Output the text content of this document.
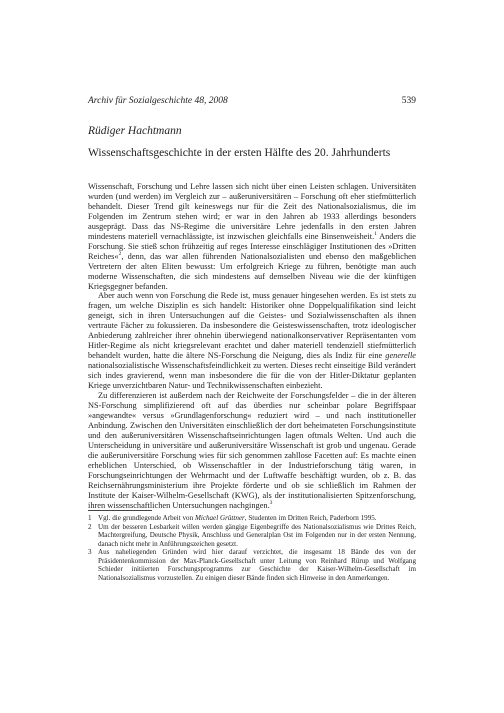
Archiv für Sozialgeschichte 48, 2008	539
Rüdiger Hachtmann
Wissenschaftsgeschichte in der ersten Hälfte des 20. Jahrhunderts

Wissenschaft, Forschung und Lehre lassen sich nicht über einen Leisten schlagen. Universitäten wurden (und werden) im Vergleich zur – außeruniversitären – Forschung oft eher stiefmütterlich behandelt. Dieser Trend gilt keineswegs nur für die Zeit des Nationalsozialismus, die im Folgenden im Zentrum stehen wird; er war in den Jahren ab 1933 allerdings besonders ausgeprägt. Dass das NS-Regime die universitäre Lehre jedenfalls in den ersten Jahren mindestens materiell vernachlässigte, ist inzwischen gleichfalls eine Binsenweisheit.$^1$ Anders die Forschung. Sie stieß schon frühzeitig auf reges Interesse einschlägiger Institutionen des »Dritten Reiches«$^2$, denn, das war allen führenden Nationalsozialisten und ebenso den maßgeblichen Vertretern der alten Eliten bewusst: Um erfolgreich Kriege zu führen, benötigte man auch moderne Wissenschaften, die sich mindestens auf demselben Niveau wie die der künftigen Kriegsgegner befanden.

Aber auch wenn von Forschung die Rede ist, muss genauer hingesehen werden. Es ist stets zu fragen, um welche Disziplin es sich handelt: Historiker ohne Doppelqualifikation sind leicht geneigt, sich in ihren Untersuchungen auf die Geistes- und Sozialwissenschaften als ihnen vertraute Fächer zu fokussieren. Da insbesondere die Geisteswissenschaften, trotz ideologischer Anbiederung zahlreicher ihrer ohnehin überwiegend nationalkonservativer Repräsentanten vom Hitler-Regime als nicht kriegsrelevant erachtet und daher materiell tendenziell stiefmütterlich behandelt wurden, hatte die ältere NS-Forschung die Neigung, dies als Indiz für eine generelle nationalsozialistische Wissenschaftsfeindlichkeit zu werten. Dieses recht einseitige Bild verändert sich indes gravierend, wenn man insbesondere die für die von der Hitler-Diktatur geplanten Kriege unverzichtbaren Natur- und Technikwissenschaften einbezieht.

Zu differenzieren ist außerdem nach der Reichweite der Forschungsfelder – die in der älteren NS-Forschung simplifizierend oft auf das überdies nur scheinbar polare Begriffspaar »angewandte« versus »Grundlagenforschung« reduziert wird – und nach institutioneller Anbindung. Zwischen den Universitäten einschließlich der dort beheimateten Forschungsinstitute und den außeruniversitären Wissenschaftseinrichtungen lagen oftmals Welten. Und auch die Unterscheidung in universitäre und außeruniversitäre Wissenschaft ist grob und ungenau. Gerade die außeruniversitäre Forschung wies für sich genommen zahllose Facetten auf: Es machte einen erheblichen Unterschied, ob Wissenschaftler in der Industrieforschung tätig waren, in Forschungseinrichtungen der Wehrmacht und der Luftwaffe beschäftigt wurden, ob z. B. das Reichsernährungsministerium ihre Projekte förderte und ob sie schließlich im Rahmen der Institute der Kaiser-Wilhelm-Gesellschaft (KWG), als der institutionalisierten Spitzenforschung, ihren wissenschaftlichen Untersuchungen nachgingen.$^3$

1 Vgl. die grundlegende Arbeit von Michael Grüttner, Studenten im Dritten Reich, Paderborn 1995.

2 Um der besseren Lesbarkeit willen werden gängige Eigenbegriffe des Nationalsozialismus wie Drittes Reich, Machtergreifung, Deutsche Physik, Anschluss und Generalplan Ost im Folgenden nur in der ersten Nennung, danach nicht mehr in Anführungszeichen gesetzt.

3 Aus naheliegenden Gründen wird hier darauf verzichtet, die insgesamt 18 Bände des von der Präsidentenkommission der Max-Planck-Gesellschaft unter Leitung von Reinhard Rürup und Wolfgang Schieder initiierten Forschungsprogramms zur Geschichte der Kaiser-Wilhelm-Gesellschaft im Nationalsozialismus vorzustellen. Zu einigen dieser Bände finden sich Hinweise in den Anmerkungen.
